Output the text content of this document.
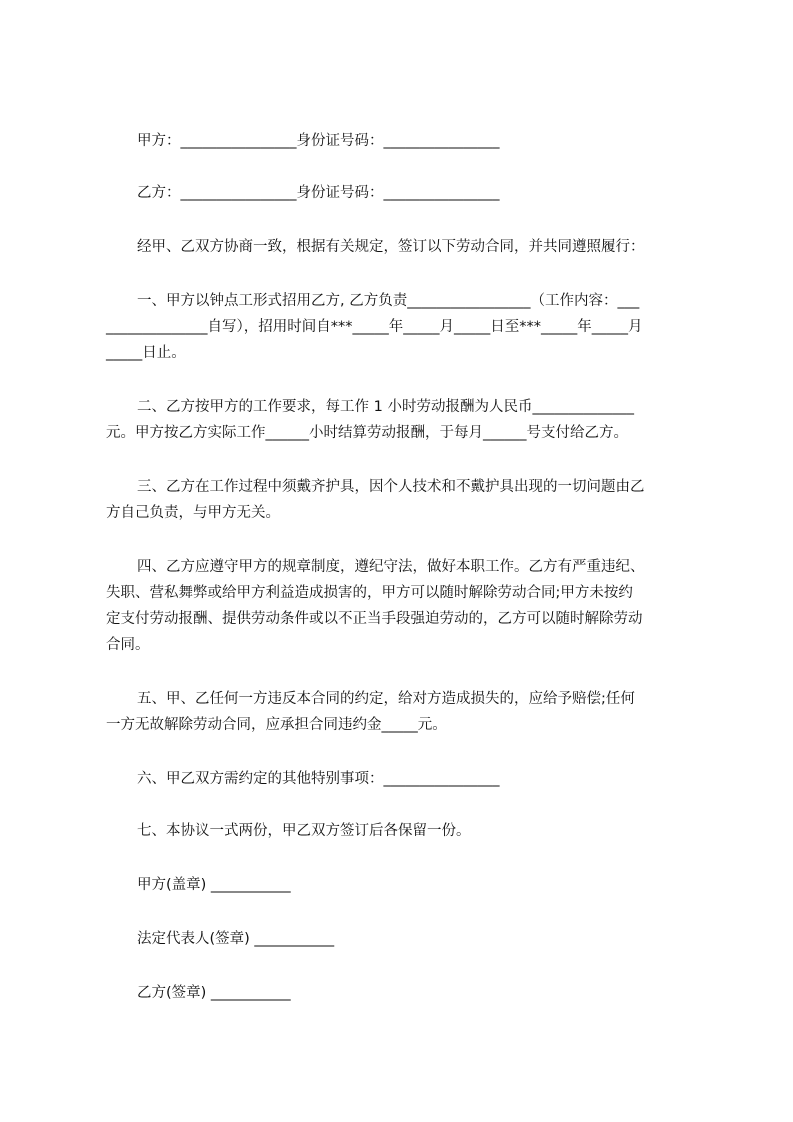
甲方：________________身份证号码：________________
乙方：________________身份证号码：________________
经甲、乙双方协商一致，根据有关规定，签订以下劳动合同，并共同遵照履行：
一、甲方以钟点工形式招用乙方, 乙方负责_________________（工作内容：___
______________自写），招用时间自***_____年_____月_____日至***_____年_____月
_____日止。
二、乙方按甲方的工作要求，每工作 1 小时劳动报酬为人民币______________
元。甲方按乙方实际工作______小时结算劳动报酬，于每月______号支付给乙方。
三、乙方在工作过程中须戴齐护具，因个人技术和不戴护具出现的一切问题由乙
方自己负责，与甲方无关。
四、乙方应遵守甲方的规章制度，遵纪守法，做好本职工作。乙方有严重违纪、
失职、营私舞弊或给甲方利益造成损害的，甲方可以随时解除劳动合同;甲方未按约
定支付劳动报酬、提供劳动条件或以不正当手段强迫劳动的，乙方可以随时解除劳动
合同。
五、甲、乙任何一方违反本合同的约定，给对方造成损失的，应给予赔偿;任何
一方无故解除劳动合同，应承担合同违约金_____元。
六、甲乙双方需约定的其他特别事项：________________
七、本协议一式两份，甲乙双方签订后各保留一份。
甲方(盖章) ___________
法定代表人(签章) ___________
乙方(签章) ___________
